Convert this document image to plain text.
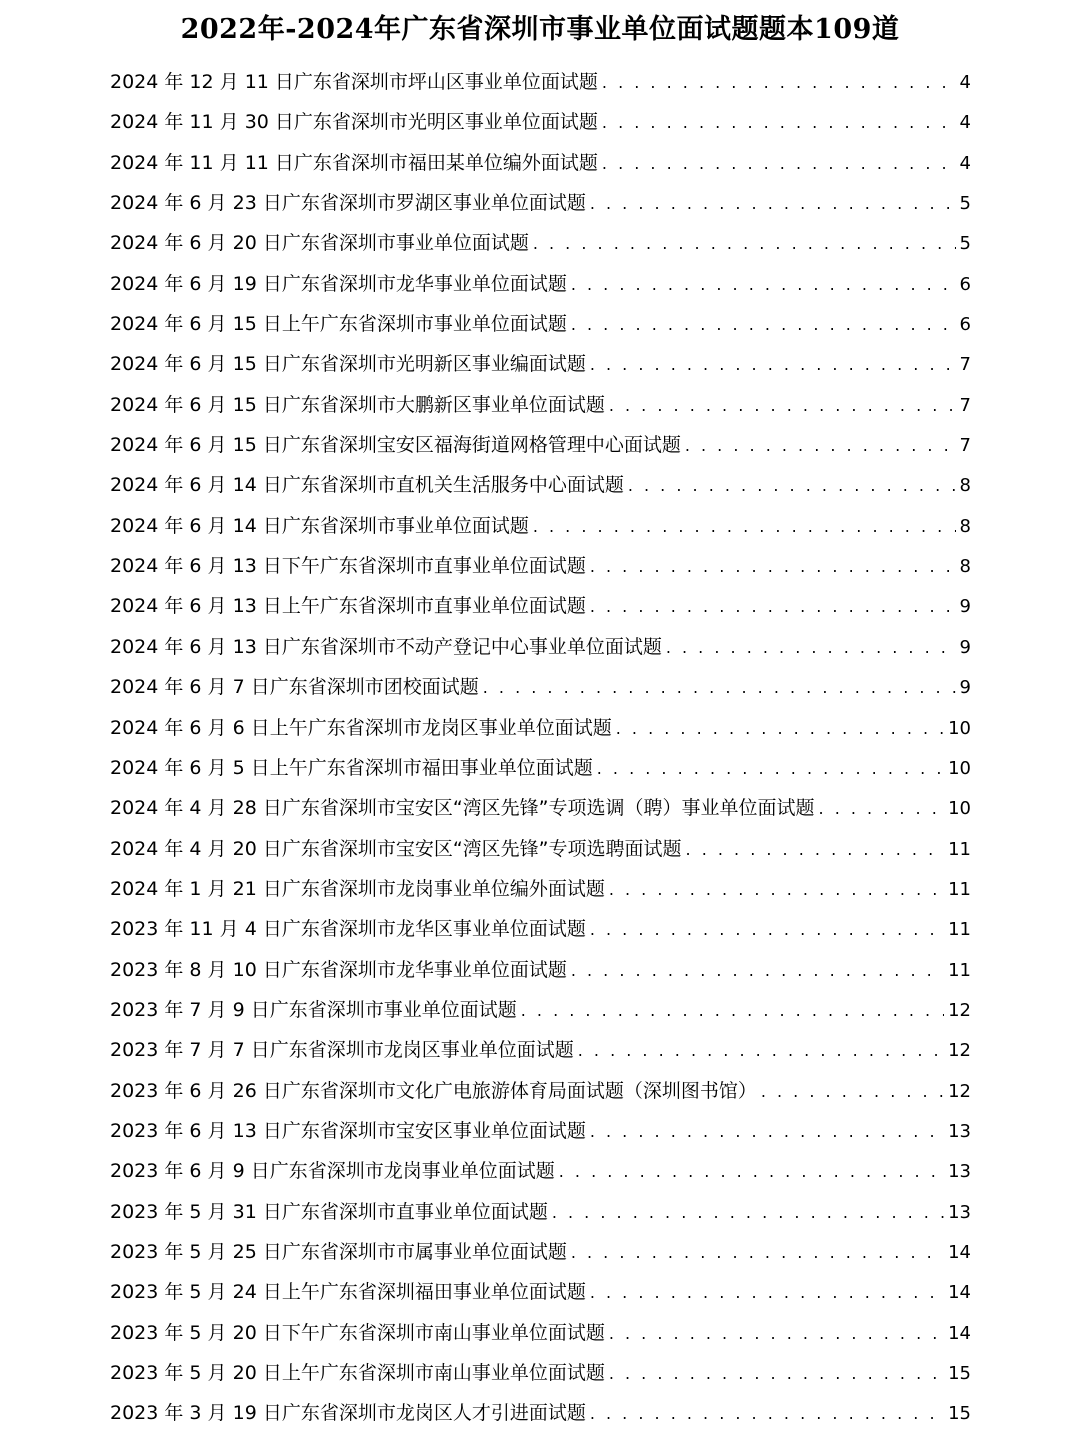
2022年-2024年广东省深圳市事业单位面试题题本109道
2024 年 12 月 11 日广东省深圳市坪山区事业单位面试题 . . .	4
2024 年 11 月 30 日广东省深圳市光明区事业单位面试题 . . .	4
2024 年 11 月 11 日广东省深圳市福田某单位编外面试题 . . .	4
2024 年 6 月 23 日广东省深圳市罗湖区事业单位面试题 . . .	5
2024 年 6 月 20 日广东省深圳市事业单位面试题 . . .	5
2024 年 6 月 19 日广东省深圳市龙华事业单位面试题 . . .	6
2024 年 6 月 15 日上午广东省深圳市事业单位面试题 . . .	6
2024 年 6 月 15 日广东省深圳市光明新区事业编面试题 . . .	7
2024 年 6 月 15 日广东省深圳市大鹏新区事业单位面试题 . . .	7
2024 年 6 月 15 日广东省深圳宝安区福海街道网格管理中心面试题 . . .	7
2024 年 6 月 14 日广东省深圳市直机关生活服务中心面试题 . . .	8
2024 年 6 月 14 日广东省深圳市事业单位面试题 . . .	8
2024 年 6 月 13 日下午广东省深圳市直事业单位面试题 . . .	8
2024 年 6 月 13 日上午广东省深圳市直事业单位面试题 . . .	9
2024 年 6 月 13 日广东省深圳市不动产登记中心事业单位面试题 . . .	9
2024 年 6 月 7 日广东省深圳市团校面试题 . . .	9
2024 年 6 月 6 日上午广东省深圳市龙岗区事业单位面试题 . . .	10
2024 年 6 月 5 日上午广东省深圳市福田事业单位面试题 . . .	10
2024 年 4 月 28 日广东省深圳市宝安区“湾区先锋”专项选调（聘）事业单位面试题 . . .	10
2024 年 4 月 20 日广东省深圳市宝安区“湾区先锋”专项选聘面试题 . . .	11
2024 年 1 月 21 日广东省深圳市龙岗事业单位编外面试题 . . .	11
2023 年 11 月 4 日广东省深圳市龙华区事业单位面试题 . . .	11
2023 年 8 月 10 日广东省深圳市龙华事业单位面试题 . . .	11
2023 年 7 月 9 日广东省深圳市事业单位面试题 . . .	12
2023 年 7 月 7 日广东省深圳市龙岗区事业单位面试题 . . .	12
2023 年 6 月 26 日广东省深圳市文化广电旅游体育局面试题（深圳图书馆） . . .	12
2023 年 6 月 13 日广东省深圳市宝安区事业单位面试题 . . .	13
2023 年 6 月 9 日广东省深圳市龙岗事业单位面试题 . . .	13
2023 年 5 月 31 日广东省深圳市直事业单位面试题 . . .	13
2023 年 5 月 25 日广东省深圳市市属事业单位面试题 . . .	14
2023 年 5 月 24 日上午广东省深圳福田事业单位面试题 . . .	14
2023 年 5 月 20 日下午广东省深圳市南山事业单位面试题 . . .	14
2023 年 5 月 20 日上午广东省深圳市南山事业单位面试题 . . .	15
2023 年 3 月 19 日广东省深圳市龙岗区人才引进面试题 . . .	15
